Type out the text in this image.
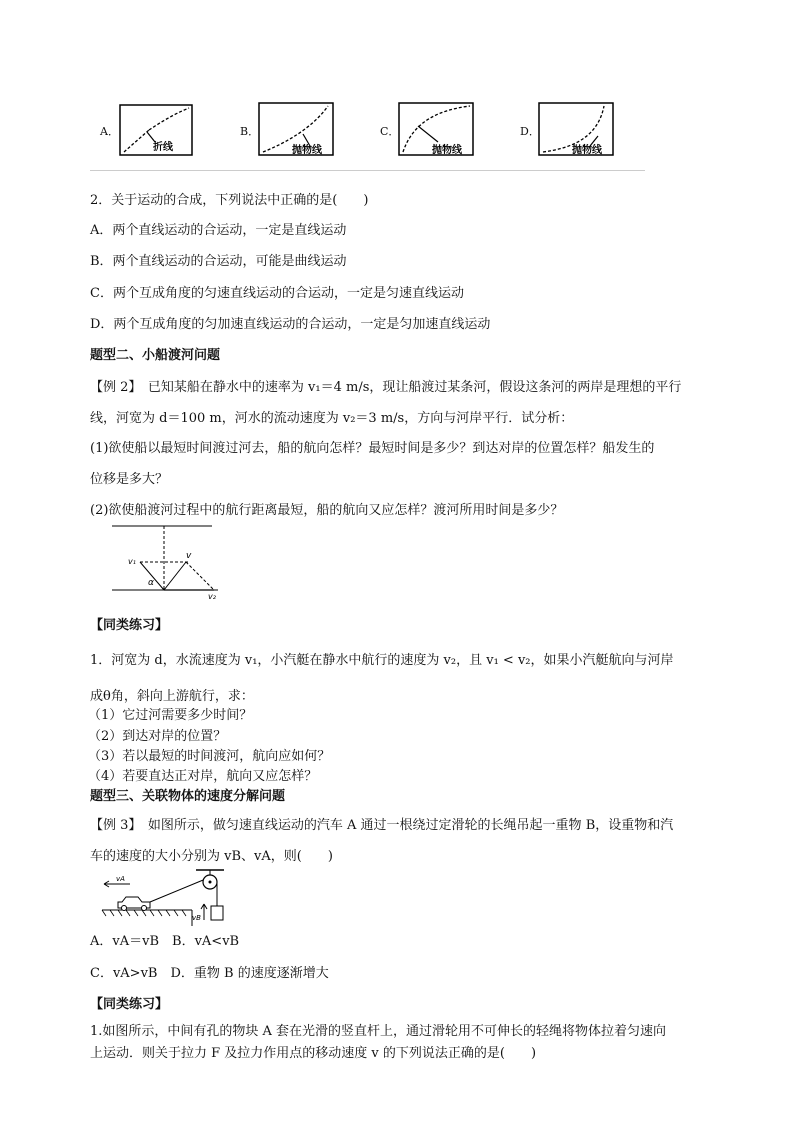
A．
折线
B．
抛物线
C．
抛物线
D．
抛物线
2．关于运动的合成，下列说法中正确的是(　　)
A．两个直线运动的合运动，一定是直线运动
B．两个直线运动的合运动，可能是曲线运动
C．两个互成角度的匀速直线运动的合运动，一定是匀速直线运动
D．两个互成角度的匀加速直线运动的合运动，一定是匀加速直线运动
题型二、小船渡河问题
【例 2】　已知某船在静水中的速率为 v₁＝4 m/s，现让船渡过某条河，假设这条河的两岸是理想的平行
线，河宽为 d＝100 m，河水的流动速度为 v₂＝3 m/s，方向与河岸平行．试分析：
(1)欲使船以最短时间渡过河去，船的航向怎样？最短时间是多少？到达对岸的位置怎样？船发生的
位移是多大？
(2)欲使船渡河过程中的航行距离最短，船的航向又应怎样？渡河所用时间是多少？
v₁
v
α
v₂
【同类练习】
1．河宽为 d，水流速度为 v₁，小汽艇在静水中航行的速度为 v₂，且 v₁ < v₂，如果小汽艇航向与河岸
成θ角，斜向上游航行，求：
（1）它过河需要多少时间？
（2）到达对岸的位置？
（3）若以最短的时间渡河，航向应如何？
（4）若要直达正对岸，航向又应怎样？
题型三、关联物体的速度分解问题
【例 3】　如图所示，做匀速直线运动的汽车 A 通过一根绕过定滑轮的长绳吊起一重物 B，设重物和汽
车的速度的大小分别为 vB、vA，则(　　)
vA
vB
A．vA＝vB　B．vA<vB
C．vA>vB　D．重物 B 的速度逐渐增大
【同类练习】
1.如图所示，中间有孔的物块 A 套在光滑的竖直杆上，通过滑轮用不可伸长的轻绳将物体拉着匀速向
上运动．则关于拉力 F 及拉力作用点的移动速度 v 的下列说法正确的是(　　)
